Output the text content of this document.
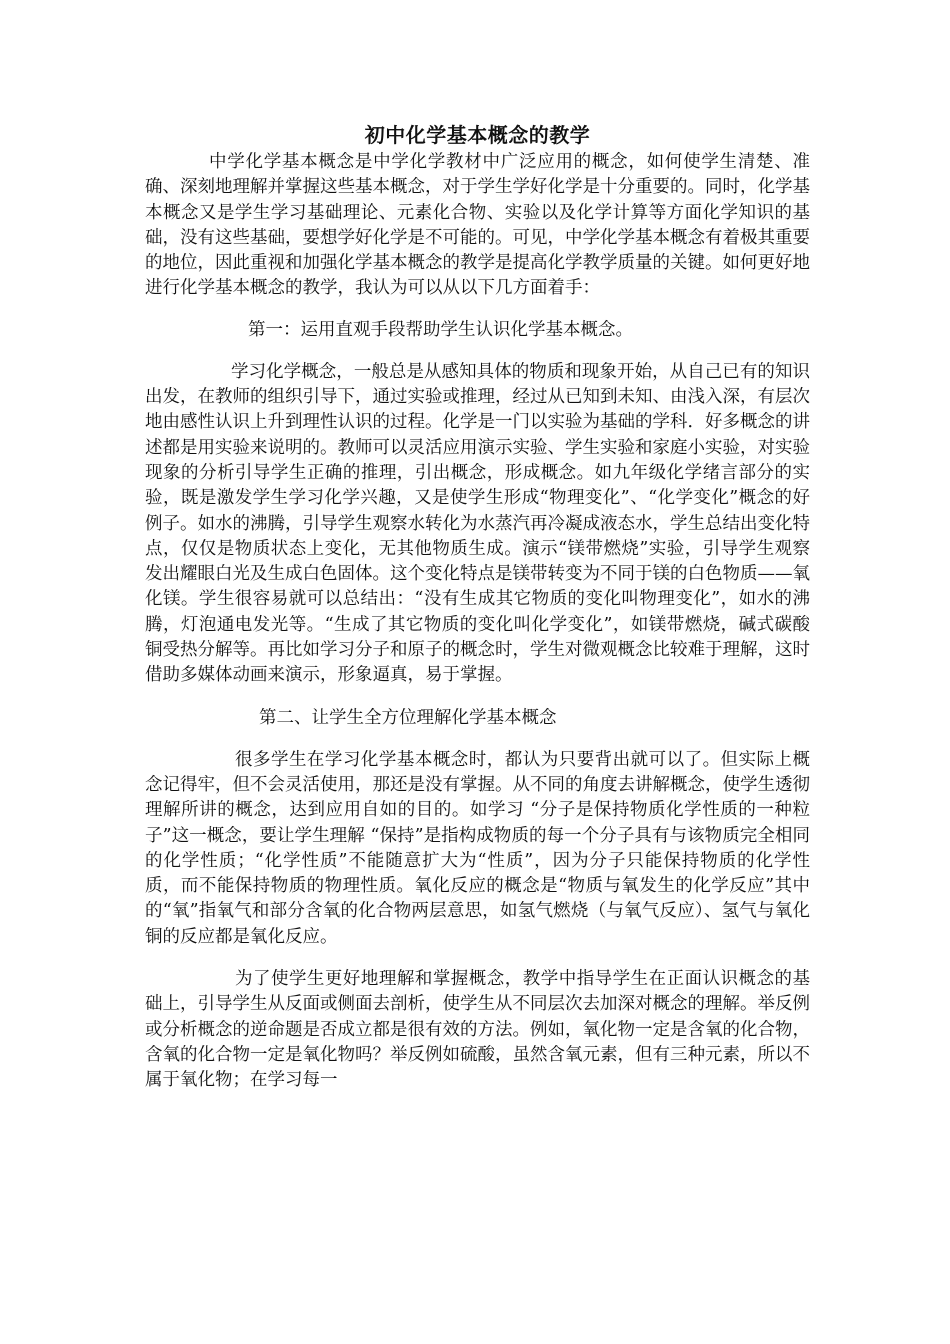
初中化学基本概念的教学

中学化学基本概念是中学化学教材中广泛应用的概念，如何使学生清楚、准确、深刻地理解并掌握这些基本概念，对于学生学好化学是十分重要的。同时，化学基本概念又是学生学习基础理论、元素化合物、实验以及化学计算等方面化学知识的基础，没有这些基础，要想学好化学是不可能的。可见，中学化学基本概念有着极其重要的地位，因此重视和加强化学基本概念的教学是提高化学教学质量的关键。如何更好地进行化学基本概念的教学，我认为可以从以下几方面着手：

第一：运用直观手段帮助学生认识化学基本概念。

学习化学概念，一般总是从感知具体的物质和现象开始，从自己已有的知识出发，在教师的组织引导下，通过实验或推理，经过从已知到未知、由浅入深，有层次地由感性认识上升到理性认识的过程。化学是一门以实验为基础的学科．好多概念的讲述都是用实验来说明的。教师可以灵活应用演示实验、学生实验和家庭小实验，对实验现象的分析引导学生正确的推理，引出概念，形成概念。如九年级化学绪言部分的实验，既是激发学生学习化学兴趣，又是使学生形成“物理变化”、“化学变化”概念的好例子。如水的沸腾，引导学生观察水转化为水蒸汽再冷凝成液态水，学生总结出变化特点，仅仅是物质状态上变化，无其他物质生成。演示“镁带燃烧”实验，引导学生观察发出耀眼白光及生成白色固体。这个变化特点是镁带转变为不同于镁的白色物质——氧化镁。学生很容易就可以总结出：“没有生成其它物质的变化叫物理变化”，如水的沸腾，灯泡通电发光等。“生成了其它物质的变化叫化学变化”，如镁带燃烧，碱式碳酸铜受热分解等。再比如学习分子和原子的概念时，学生对微观概念比较难于理解，这时借助多媒体动画来演示，形象逼真，易于掌握。

第二、让学生全方位理解化学基本概念

很多学生在学习化学基本概念时，都认为只要背出就可以了。但实际上概念记得牢，但不会灵活使用，那还是没有掌握。从不同的角度去讲解概念，使学生透彻理解所讲的概念，达到应用自如的目的。如学习 “分子是保持物质化学性质的一种粒子”这一概念，要让学生理解 “保持”是指构成物质的每一个分子具有与该物质完全相同的化学性质；“化学性质”不能随意扩大为“性质”，因为分子只能保持物质的化学性质，而不能保持物质的物理性质。氧化反应的概念是“物质与氧发生的化学反应”其中的“氧”指氧气和部分含氧的化合物两层意思，如氢气燃烧（与氧气反应）、氢气与氧化铜的反应都是氧化反应。

为了使学生更好地理解和掌握概念，教学中指导学生在正面认识概念的基础上，引导学生从反面或侧面去剖析，使学生从不同层次去加深对概念的理解。举反例或分析概念的逆命题是否成立都是很有效的方法。例如，氧化物一定是含氧的化合物，含氧的化合物一定是氧化物吗？举反例如硫酸，虽然含氧元素，但有三种元素，所以不属于氧化物；在学习每一
